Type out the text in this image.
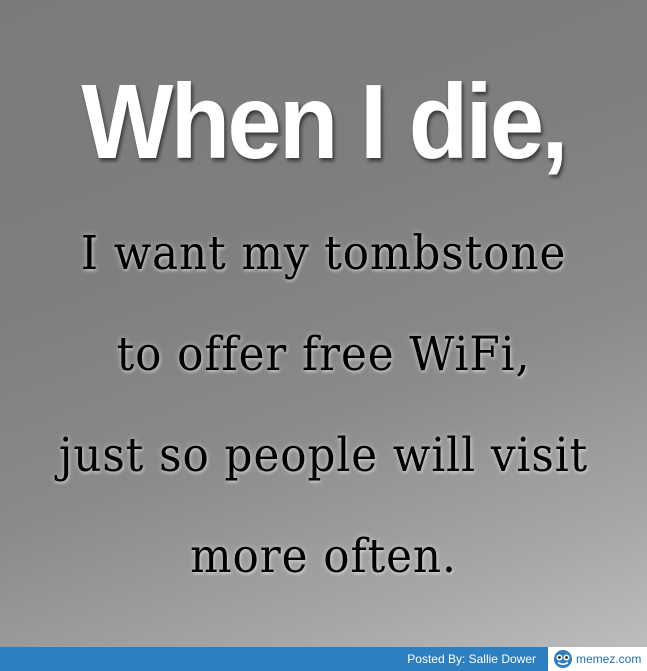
When I die,
I want my tombstone
to offer free WiFi,
just so people will visit
more often.
Posted By: Sallie Dower	memez.com
